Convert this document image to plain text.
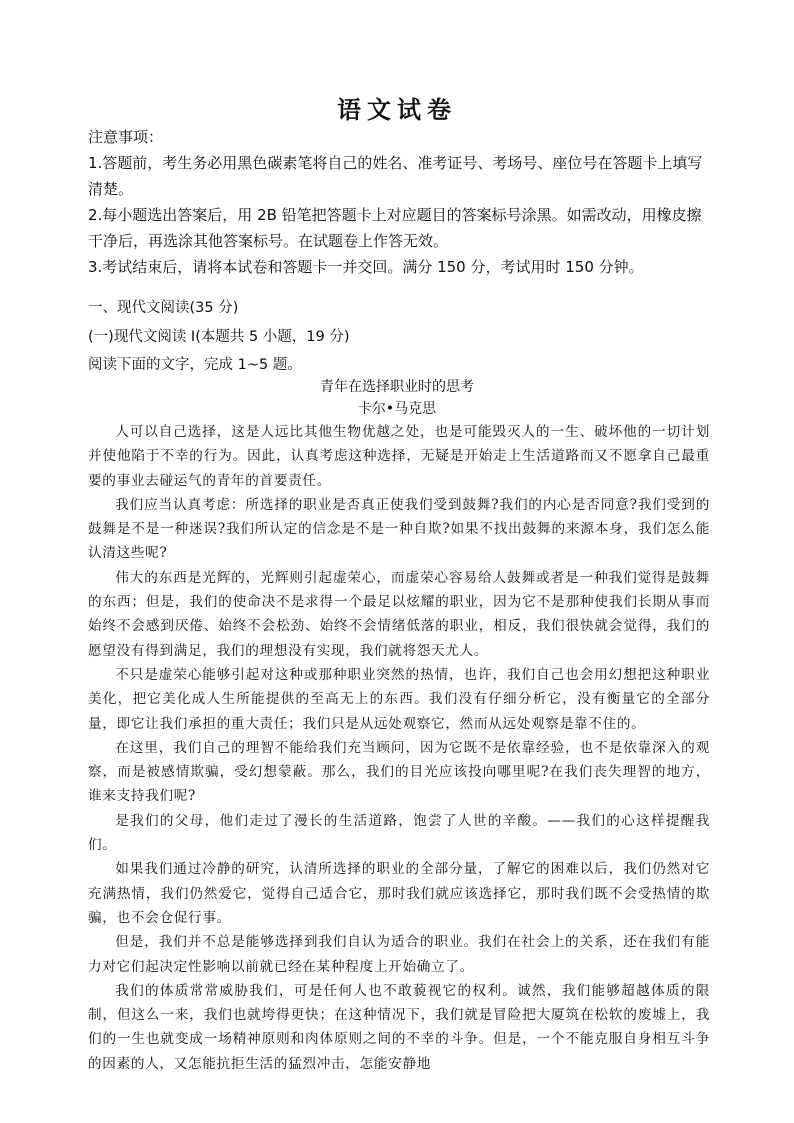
语文试卷

注意事项：

1.答题前，考生务必用黑色碳素笔将自己的姓名、准考证号、考场号、座位号在答题卡上填写清楚。

2.每小题选出答案后，用 2B 铅笔把答题卡上对应题目的答案标号涂黑。如需改动，用橡皮擦干净后，再选涂其他答案标号。在试题卷上作答无效。

3.考试结束后，请将本试卷和答题卡一并交回。满分 150 分，考试用时 150 分钟。

一、现代文阅读(35 分)
(一)现代文阅读 I(本题共 5 小题，19 分)
阅读下面的文字，完成 1~5 题。
青年在选择职业时的思考
卡尔•马克思

人可以自己选择，这是人远比其他生物优越之处，也是可能毁灭人的一生、破坏他的一切计划并使他陷于不幸的行为。因此，认真考虑这种选择，无疑是开始走上生活道路而又不愿拿自己最重要的事业去碰运气的青年的首要责任。

我们应当认真考虑：所选择的职业是否真正使我们受到鼓舞?我们的内心是否同意?我们受到的鼓舞是不是一种迷误?我们所认定的信念是不是一种自欺?如果不找出鼓舞的来源本身，我们怎么能认清这些呢?

伟大的东西是光辉的，光辉则引起虚荣心，而虚荣心容易给人鼓舞或者是一种我们觉得是鼓舞的东西；但是，我们的使命决不是求得一个最足以炫耀的职业，因为它不是那种使我们长期从事而始终不会感到厌倦、始终不会松劲、始终不会情绪低落的职业，相反，我们很快就会觉得，我们的愿望没有得到满足，我们的理想没有实现，我们就将怨天尤人。

不只是虚荣心能够引起对这种或那种职业突然的热情，也许，我们自己也会用幻想把这种职业美化，把它美化成人生所能提供的至高无上的东西。我们没有仔细分析它，没有衡量它的全部分量，即它让我们承担的重大责任；我们只是从远处观察它，然而从远处观察是靠不住的。

在这里，我们自己的理智不能给我们充当顾问，因为它既不是依靠经验，也不是依靠深入的观察，而是被感情欺骗，受幻想蒙蔽。那么，我们的目光应该投向哪里呢?在我们丧失理智的地方，谁来支持我们呢?

是我们的父母，他们走过了漫长的生活道路，饱尝了人世的辛酸。——我们的心这样提醒我们。

如果我们通过冷静的研究，认清所选择的职业的全部分量，了解它的困难以后，我们仍然对它充满热情，我们仍然爱它，觉得自己适合它，那时我们就应该选择它，那时我们既不会受热情的欺骗，也不会仓促行事。

但是，我们并不总是能够选择到我们自认为适合的职业。我们在社会上的关系，还在我们有能力对它们起决定性影响以前就已经在某种程度上开始确立了。

我们的体质常常威胁我们，可是任何人也不敢藐视它的权利。诚然，我们能够超越体质的限制，但这么一来，我们也就垮得更快；在这种情况下，我们就是冒险把大厦筑在松软的废墟上，我们的一生也就变成一场精神原则和肉体原则之间的不幸的斗争。但是，一个不能克服自身相互斗争的因素的人，又怎能抗拒生活的猛烈冲击，怎能安静地
